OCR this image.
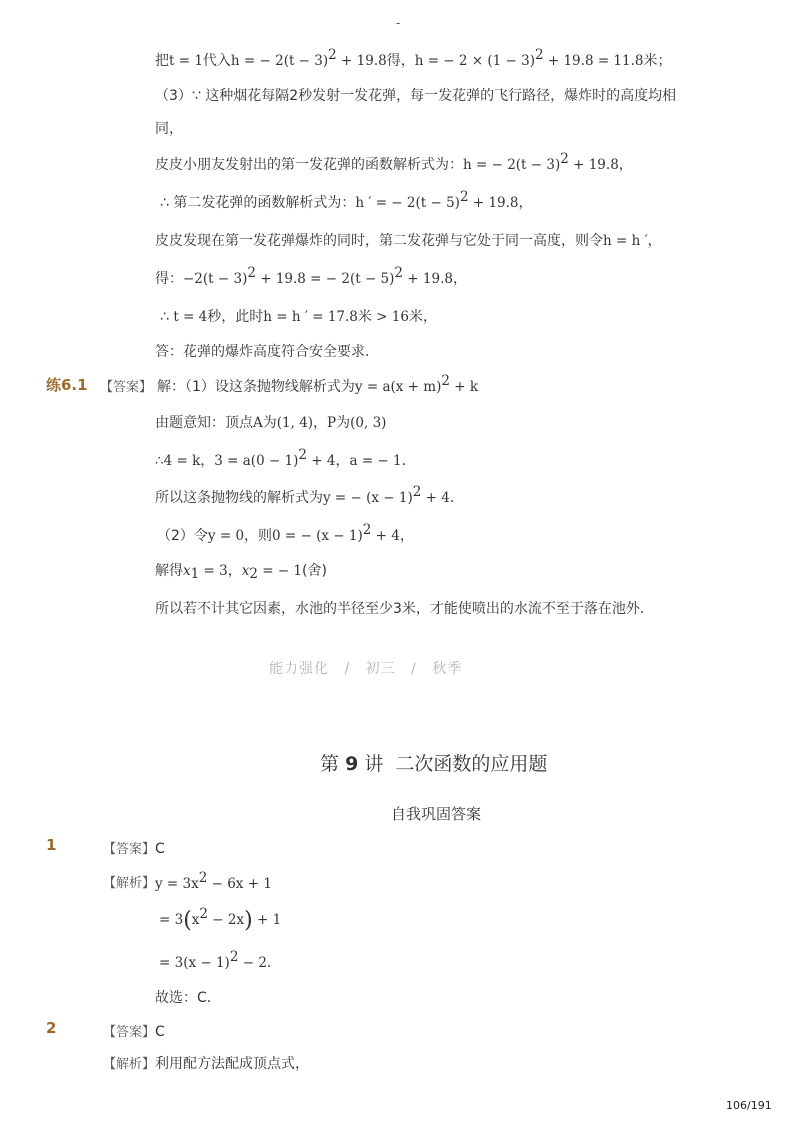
-
把t = 1代入h = − $2(t - 3)^2 + 19.8$得，h = − $2 \times (1 - 3)^2 + 19.8 = 11.8$米；
（3）∵ 这种烟花每隔2秒发射一发花弹，每一发花弹的飞行路径，爆炸时的高度均相
同，
皮皮小朋友发射出的第一发花弹的函数解析式为：h = − $2(t - 3)^2 + 19.8$，
∴ 第二发花弹的函数解析式为：h ′ = − $2(t - 5)^2 + 19.8$，
皮皮发现在第一发花弹爆炸的同时，第二发花弹与它处于同一高度，则令h = h ′，
得：$-2(t - 3)^2 + 19.8$ = − $2(t - 5)^2 + 19.8$，
∴ t = 4秒，此时h = h ′ = 17.8米 > 16米，
答：花弹的爆炸高度符合安全要求．
练6.1 【答案】 解：（1）设这条抛物线解析式为$y = a(x + m)^2 + k$
由题意知：顶点A为(1, 4)，P为(0, 3)
∴4 = k，$3 = a(0 - 1)^2 + 4$，a = − 1．
所以这条抛物线的解析式为y = − $(x - 1)^2 + 4$．
（2）令y = 0，则0 = − $(x - 1)^2 + 4$，
解得$x_1 = 3$，$x_2$ = − 1(舍)
所以若不计其它因素，水池的半径至少3米，才能使喷出的水流不至于落在池外．
能力强化 / 初三 / 秋季
第 9 讲 二次函数的应用题
自我巩固答案
1	【答案】C
【解析】 $y = 3x^2 - 6x + 1$
= $3(x^2 - 2x) + 1$
= $3(x - 1)^2 - 2$．
故选：C．
2	【答案】C
【解析】利用配方法配成顶点式，
106/191
